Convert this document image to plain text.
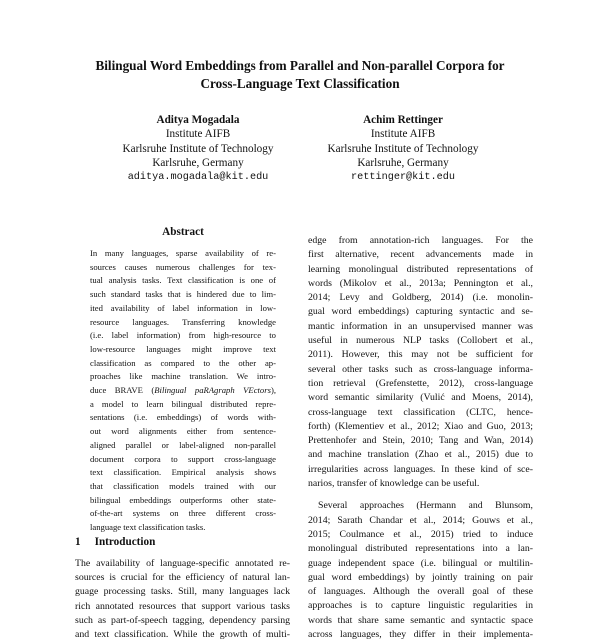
Bilingual Word Embeddings from Parallel and Non-parallel Corpora for
Cross-Language Text Classification
Aditya Mogadala
Institute AIFB
Karlsruhe Institute of Technology
Karlsruhe, Germany
aditya.mogadala@kit.edu
Achim Rettinger
Institute AIFB
Karlsruhe Institute of Technology
Karlsruhe, Germany
rettinger@kit.edu
Abstract
In many languages, sparse availability of re-
sources causes numerous challenges for tex-
tual analysis tasks. Text classification is one of
such standard tasks that is hindered due to lim-
ited availability of label information in low-
resource languages. Transferring knowledge
(i.e. label information) from high-resource to
low-resource languages might improve text
classification as compared to the other ap-
proaches like machine translation. We intro-
duce BRAVE (Bilingual paRAgraph VEctors),
a model to learn bilingual distributed repre-
sentations (i.e. embeddings) of words with-
out word alignments either from sentence-
aligned parallel or label-aligned non-parallel
document corpora to support cross-language
text classification. Empirical analysis shows
that classification models trained with our
bilingual embeddings outperforms other state-
of-the-art systems on three different cross-
language text classification tasks.
1 Introduction
The availability of language-specific annotated re-
sources is crucial for the efficiency of natural lan-
guage processing tasks. Still, many languages lack
rich annotated resources that support various tasks
such as part-of-speech tagging, dependency parsing
and text classification. While the growth of multi-
edge from annotation-rich languages. For the
first alternative, recent advancements made in
learning monolingual distributed representations of
words (Mikolov et al., 2013a; Pennington et al.,
2014; Levy and Goldberg, 2014) (i.e. monolin-
gual word embeddings) capturing syntactic and se-
mantic information in an unsupervised manner was
useful in numerous NLP tasks (Collobert et al.,
2011). However, this may not be sufficient for
several other tasks such as cross-language informa-
tion retrieval (Grefenstette, 2012), cross-language
word semantic similarity (Vulić and Moens, 2014),
cross-language text classification (CLTC, hence-
forth) (Klementiev et al., 2012; Xiao and Guo, 2013;
Prettenhofer and Stein, 2010; Tang and Wan, 2014)
and machine translation (Zhao et al., 2015) due to
irregularities across languages. In these kind of sce-
narios, transfer of knowledge can be useful.
Several approaches (Hermann and Blunsom,
2014; Sarath Chandar et al., 2014; Gouws et al.,
2015; Coulmance et al., 2015) tried to induce
monolingual distributed representations into a lan-
guage independent space (i.e. bilingual or multilin-
gual word embeddings) by jointly training on pair
of languages. Although the overall goal of these
approaches is to capture linguistic regularities in
words that share same semantic and syntactic space
across languages, they differ in their implementa-
